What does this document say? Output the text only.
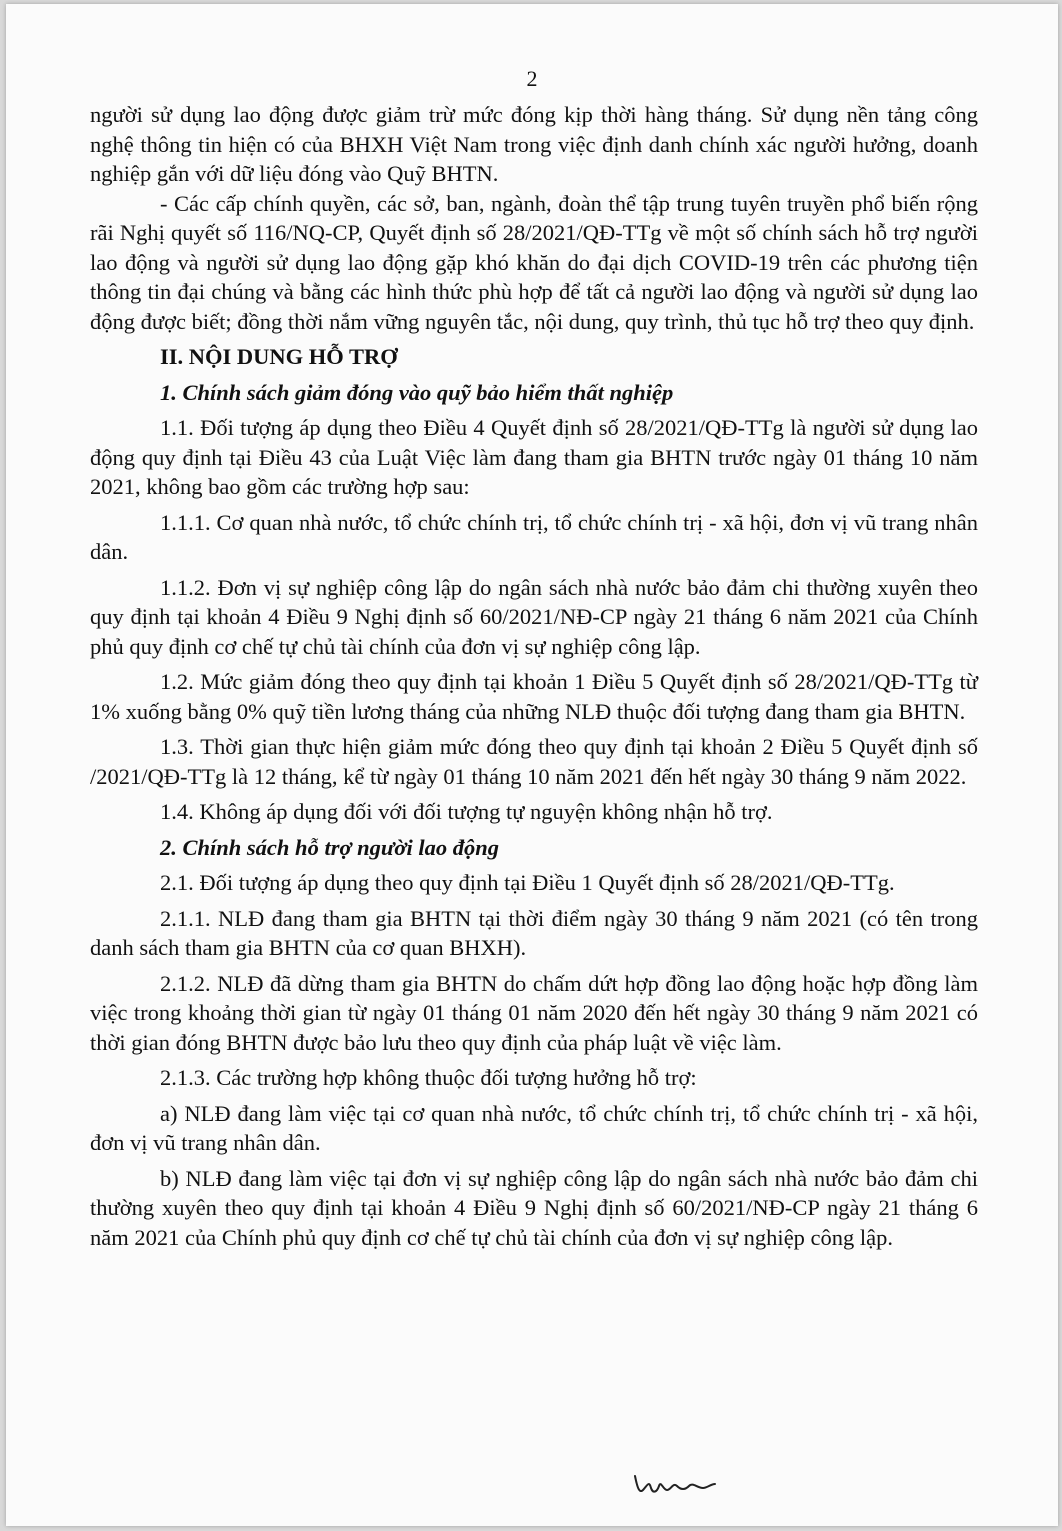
2

người sử dụng lao động được giảm trừ mức đóng kịp thời hàng tháng. Sử dụng nền tảng công nghệ thông tin hiện có của BHXH Việt Nam trong việc định danh chính xác người hưởng, doanh nghiệp gắn với dữ liệu đóng vào Quỹ BHTN.

- Các cấp chính quyền, các sở, ban, ngành, đoàn thể tập trung tuyên truyền phổ biến rộng rãi Nghị quyết số 116/NQ-CP, Quyết định số 28/2021/QĐ-TTg về một số chính sách hỗ trợ người lao động và người sử dụng lao động gặp khó khăn do đại dịch COVID-19 trên các phương tiện thông tin đại chúng và bằng các hình thức phù hợp để tất cả người lao động và người sử dụng lao động được biết; đồng thời nắm vững nguyên tắc, nội dung, quy trình, thủ tục hỗ trợ theo quy định.

II. NỘI DUNG HỖ TRỢ
1. Chính sách giảm đóng vào quỹ bảo hiểm thất nghiệp

1.1. Đối tượng áp dụng theo Điều 4 Quyết định số 28/2021/QĐ-TTg là người sử dụng lao động quy định tại Điều 43 của Luật Việc làm đang tham gia BHTN trước ngày 01 tháng 10 năm 2021, không bao gồm các trường hợp sau:

1.1.1. Cơ quan nhà nước, tổ chức chính trị, tổ chức chính trị - xã hội, đơn vị vũ trang nhân dân.

1.1.2. Đơn vị sự nghiệp công lập do ngân sách nhà nước bảo đảm chi thường xuyên theo quy định tại khoản 4 Điều 9 Nghị định số 60/2021/NĐ-CP ngày 21 tháng 6 năm 2021 của Chính phủ quy định cơ chế tự chủ tài chính của đơn vị sự nghiệp công lập.

1.2. Mức giảm đóng theo quy định tại khoản 1 Điều 5 Quyết định số 28/2021/QĐ-TTg từ 1% xuống bằng 0% quỹ tiền lương tháng của những NLĐ thuộc đối tượng đang tham gia BHTN.

1.3. Thời gian thực hiện giảm mức đóng theo quy định tại khoản 2 Điều 5 Quyết định số /2021/QĐ-TTg là 12 tháng, kể từ ngày 01 tháng 10 năm 2021 đến hết ngày 30 tháng 9 năm 2022.

1.4. Không áp dụng đối với đối tượng tự nguyện không nhận hỗ trợ.

2. Chính sách hỗ trợ người lao động

2.1. Đối tượng áp dụng theo quy định tại Điều 1 Quyết định số 28/2021/QĐ-TTg.

2.1.1. NLĐ đang tham gia BHTN tại thời điểm ngày 30 tháng 9 năm 2021 (có tên trong danh sách tham gia BHTN của cơ quan BHXH).

2.1.2. NLĐ đã dừng tham gia BHTN do chấm dứt hợp đồng lao động hoặc hợp đồng làm việc trong khoảng thời gian từ ngày 01 tháng 01 năm 2020 đến hết ngày 30 tháng 9 năm 2021 có thời gian đóng BHTN được bảo lưu theo quy định của pháp luật về việc làm.

2.1.3. Các trường hợp không thuộc đối tượng hưởng hỗ trợ:

a) NLĐ đang làm việc tại cơ quan nhà nước, tổ chức chính trị, tổ chức chính trị - xã hội, đơn vị vũ trang nhân dân.

b) NLĐ đang làm việc tại đơn vị sự nghiệp công lập do ngân sách nhà nước bảo đảm chi thường xuyên theo quy định tại khoản 4 Điều 9 Nghị định số 60/2021/NĐ-CP ngày 21 tháng 6 năm 2021 của Chính phủ quy định cơ chế tự chủ tài chính của đơn vị sự nghiệp công lập.
